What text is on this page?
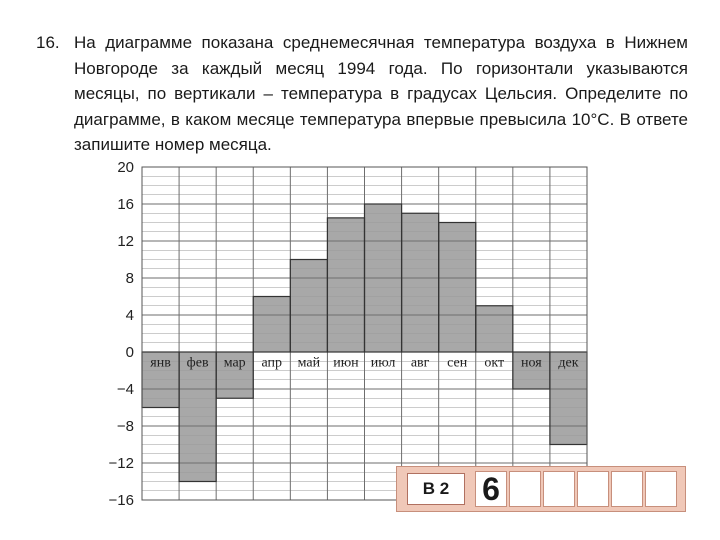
16. На диаграмме показана среднемесячная температура воздуха в Нижнем Новгороде за каждый месяц 1994 года. По горизонтали указываются месяцы, по вертикали – температура в градусах Цельсия. Определите по диаграмме, в каком месяце температура впервые превысила 10°С. В ответе запишите номер месяца.
20
16
12
8
4
0
−4
−8
−12
−16
янв фев мар апр май июн июл авг сен окт ноя дек
В 2	6
